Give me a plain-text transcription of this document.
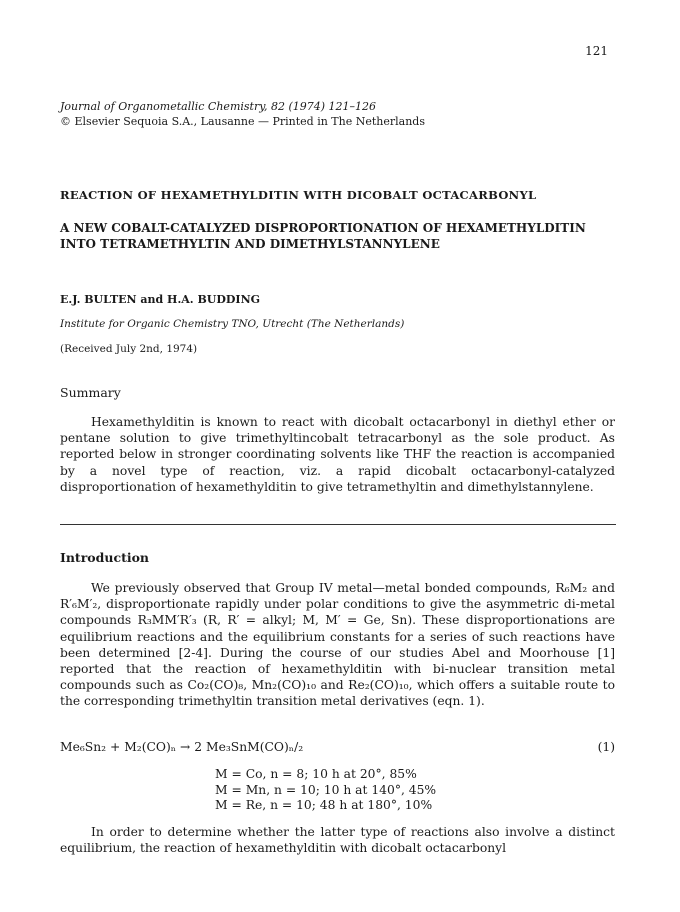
121
Journal of Organometallic Chemistry, 82 (1974) 121–126
© Elsevier Sequoia S.A., Lausanne — Printed in The Netherlands
REACTION OF HEXAMETHYLDITIN WITH DICOBALT OCTACARBONYL
A NEW COBALT-CATALYZED DISPROPORTIONATION OF HEXAMETHYLDITIN INTO TETRAMETHYLTIN AND DIMETHYLSTANNYLENE
E.J. BULTEN and H.A. BUDDING
Institute for Organic Chemistry TNO, Utrecht (The Netherlands)
(Received July 2nd, 1974)
Summary
Hexamethylditin is known to react with dicobalt octacarbonyl in diethyl ether or pentane solution to give trimethyltincobalt tetracarbonyl as the sole product. As reported below in stronger coordinating solvents like THF the reaction is accompanied by a novel type of reaction, viz. a rapid dicobalt octacarbonyl-catalyzed disproportionation of hexamethylditin to give tetramethyltin and dimethylstannylene.
Introduction
We previously observed that Group IV metal—metal bonded compounds, R₆M₂ and R′₆M′₂, disproportionate rapidly under polar conditions to give the asymmetric di-metal compounds R₃MM′R′₃ (R, R′ = alkyl; M, M′ = Ge, Sn). These disproportionations are equilibrium reactions and the equilibrium constants for a series of such reactions have been determined [2-4]. During the course of our studies Abel and Moorhouse [1] reported that the reaction of hexamethylditin with bi-nuclear transition metal compounds such as Co₂(CO)₈, Mn₂(CO)₁₀ and Re₂(CO)₁₀, which offers a suitable route to the corresponding trimethyltin transition metal derivatives (eqn. 1).
Me₆Sn₂ + M₂(CO)ₙ → 2 Me₃SnM(CO)ₙ/₂	(1)
M = Co, n = 8; 10 h at 20°, 85%
M = Mn, n = 10; 10 h at 140°, 45%
M = Re, n = 10; 48 h at 180°, 10%
In order to determine whether the latter type of reactions also involve a distinct equilibrium, the reaction of hexamethylditin with dicobalt octacarbonyl
